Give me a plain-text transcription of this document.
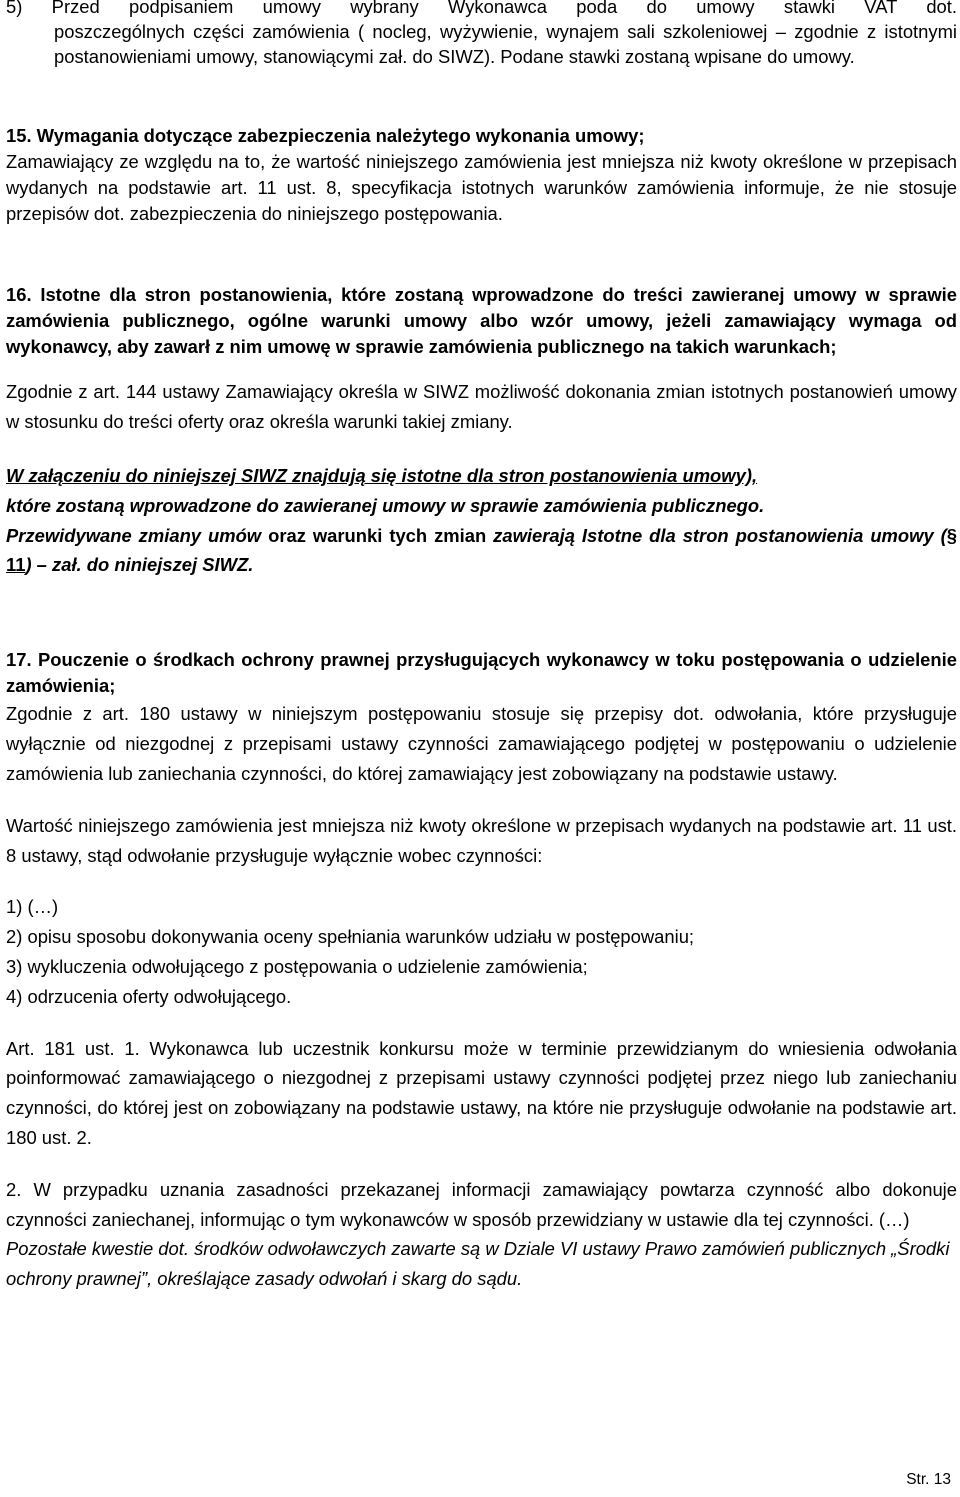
5) Przed podpisaniem umowy wybrany Wykonawca poda do umowy stawki VAT dot.
poszczególnych części zamówienia ( nocleg, wyżywienie, wynajem sali szkoleniowej – zgodnie z istotnymi postanowieniami umowy, stanowiącymi zał. do SIWZ). Podane stawki zostaną wpisane do umowy.
15. Wymagania dotyczące zabezpieczenia należytego wykonania umowy;
Zamawiający ze względu na to, że wartość niniejszego zamówienia jest mniejsza niż kwoty określone w przepisach wydanych na podstawie art. 11 ust. 8, specyfikacja istotnych warunków zamówienia informuje, że nie stosuje przepisów dot. zabezpieczenia do niniejszego postępowania.
16. Istotne dla stron postanowienia, które zostaną wprowadzone do treści zawieranej umowy w sprawie zamówienia publicznego, ogólne warunki umowy albo wzór umowy, jeżeli zamawiający wymaga od wykonawcy, aby zawarł z nim umowę w sprawie zamówienia publicznego na takich warunkach;
Zgodnie z art. 144 ustawy Zamawiający określa w SIWZ możliwość dokonania zmian istotnych postanowień umowy w stosunku do treści oferty oraz określa warunki takiej zmiany.
W załączeniu do niniejszej SIWZ znajdują się istotne dla stron postanowienia umowy),
które zostaną wprowadzone do zawieranej umowy w sprawie zamówienia publicznego.

Przewidywane zmiany umów oraz warunki tych zmian zawierają Istotne dla stron postanowienia umowy (§ 11) – zał. do niniejszej SIWZ.
17. Pouczenie o środkach ochrony prawnej przysługujących wykonawcy w toku postępowania o udzielenie zamówienia;
Zgodnie z art. 180 ustawy w niniejszym postępowaniu stosuje się przepisy dot. odwołania, które przysługuje wyłącznie od niezgodnej z przepisami ustawy czynności zamawiającego podjętej w postępowaniu o udzielenie zamówienia lub zaniechania czynności, do której zamawiający jest zobowiązany na podstawie ustawy.
Wartość niniejszego zamówienia jest mniejsza niż kwoty określone w przepisach wydanych na podstawie art. 11 ust. 8 ustawy, stąd odwołanie przysługuje wyłącznie wobec czynności:
1) (…)
2) opisu sposobu dokonywania oceny spełniania warunków udziału w postępowaniu;
3) wykluczenia odwołującego z postępowania o udzielenie zamówienia;
4) odrzucenia oferty odwołującego.
Art. 181 ust. 1. Wykonawca lub uczestnik konkursu może w terminie przewidzianym do wniesienia odwołania poinformować zamawiającego o niezgodnej z przepisami ustawy czynności podjętej przez niego lub zaniechaniu czynności, do której jest on zobowiązany na podstawie ustawy, na które nie przysługuje odwołanie na podstawie art. 180 ust. 2.
2. W przypadku uznania zasadności przekazanej informacji zamawiający powtarza czynność albo dokonuje czynności zaniechanej, informując o tym wykonawców w sposób przewidziany w ustawie dla tej czynności. (…)
Pozostałe kwestie dot. środków odwoławczych zawarte są w Dziale VI ustawy Prawo zamówień publicznych „Środki ochrony prawnej”, określające zasady odwołań i skarg do sądu.
Str. 13
